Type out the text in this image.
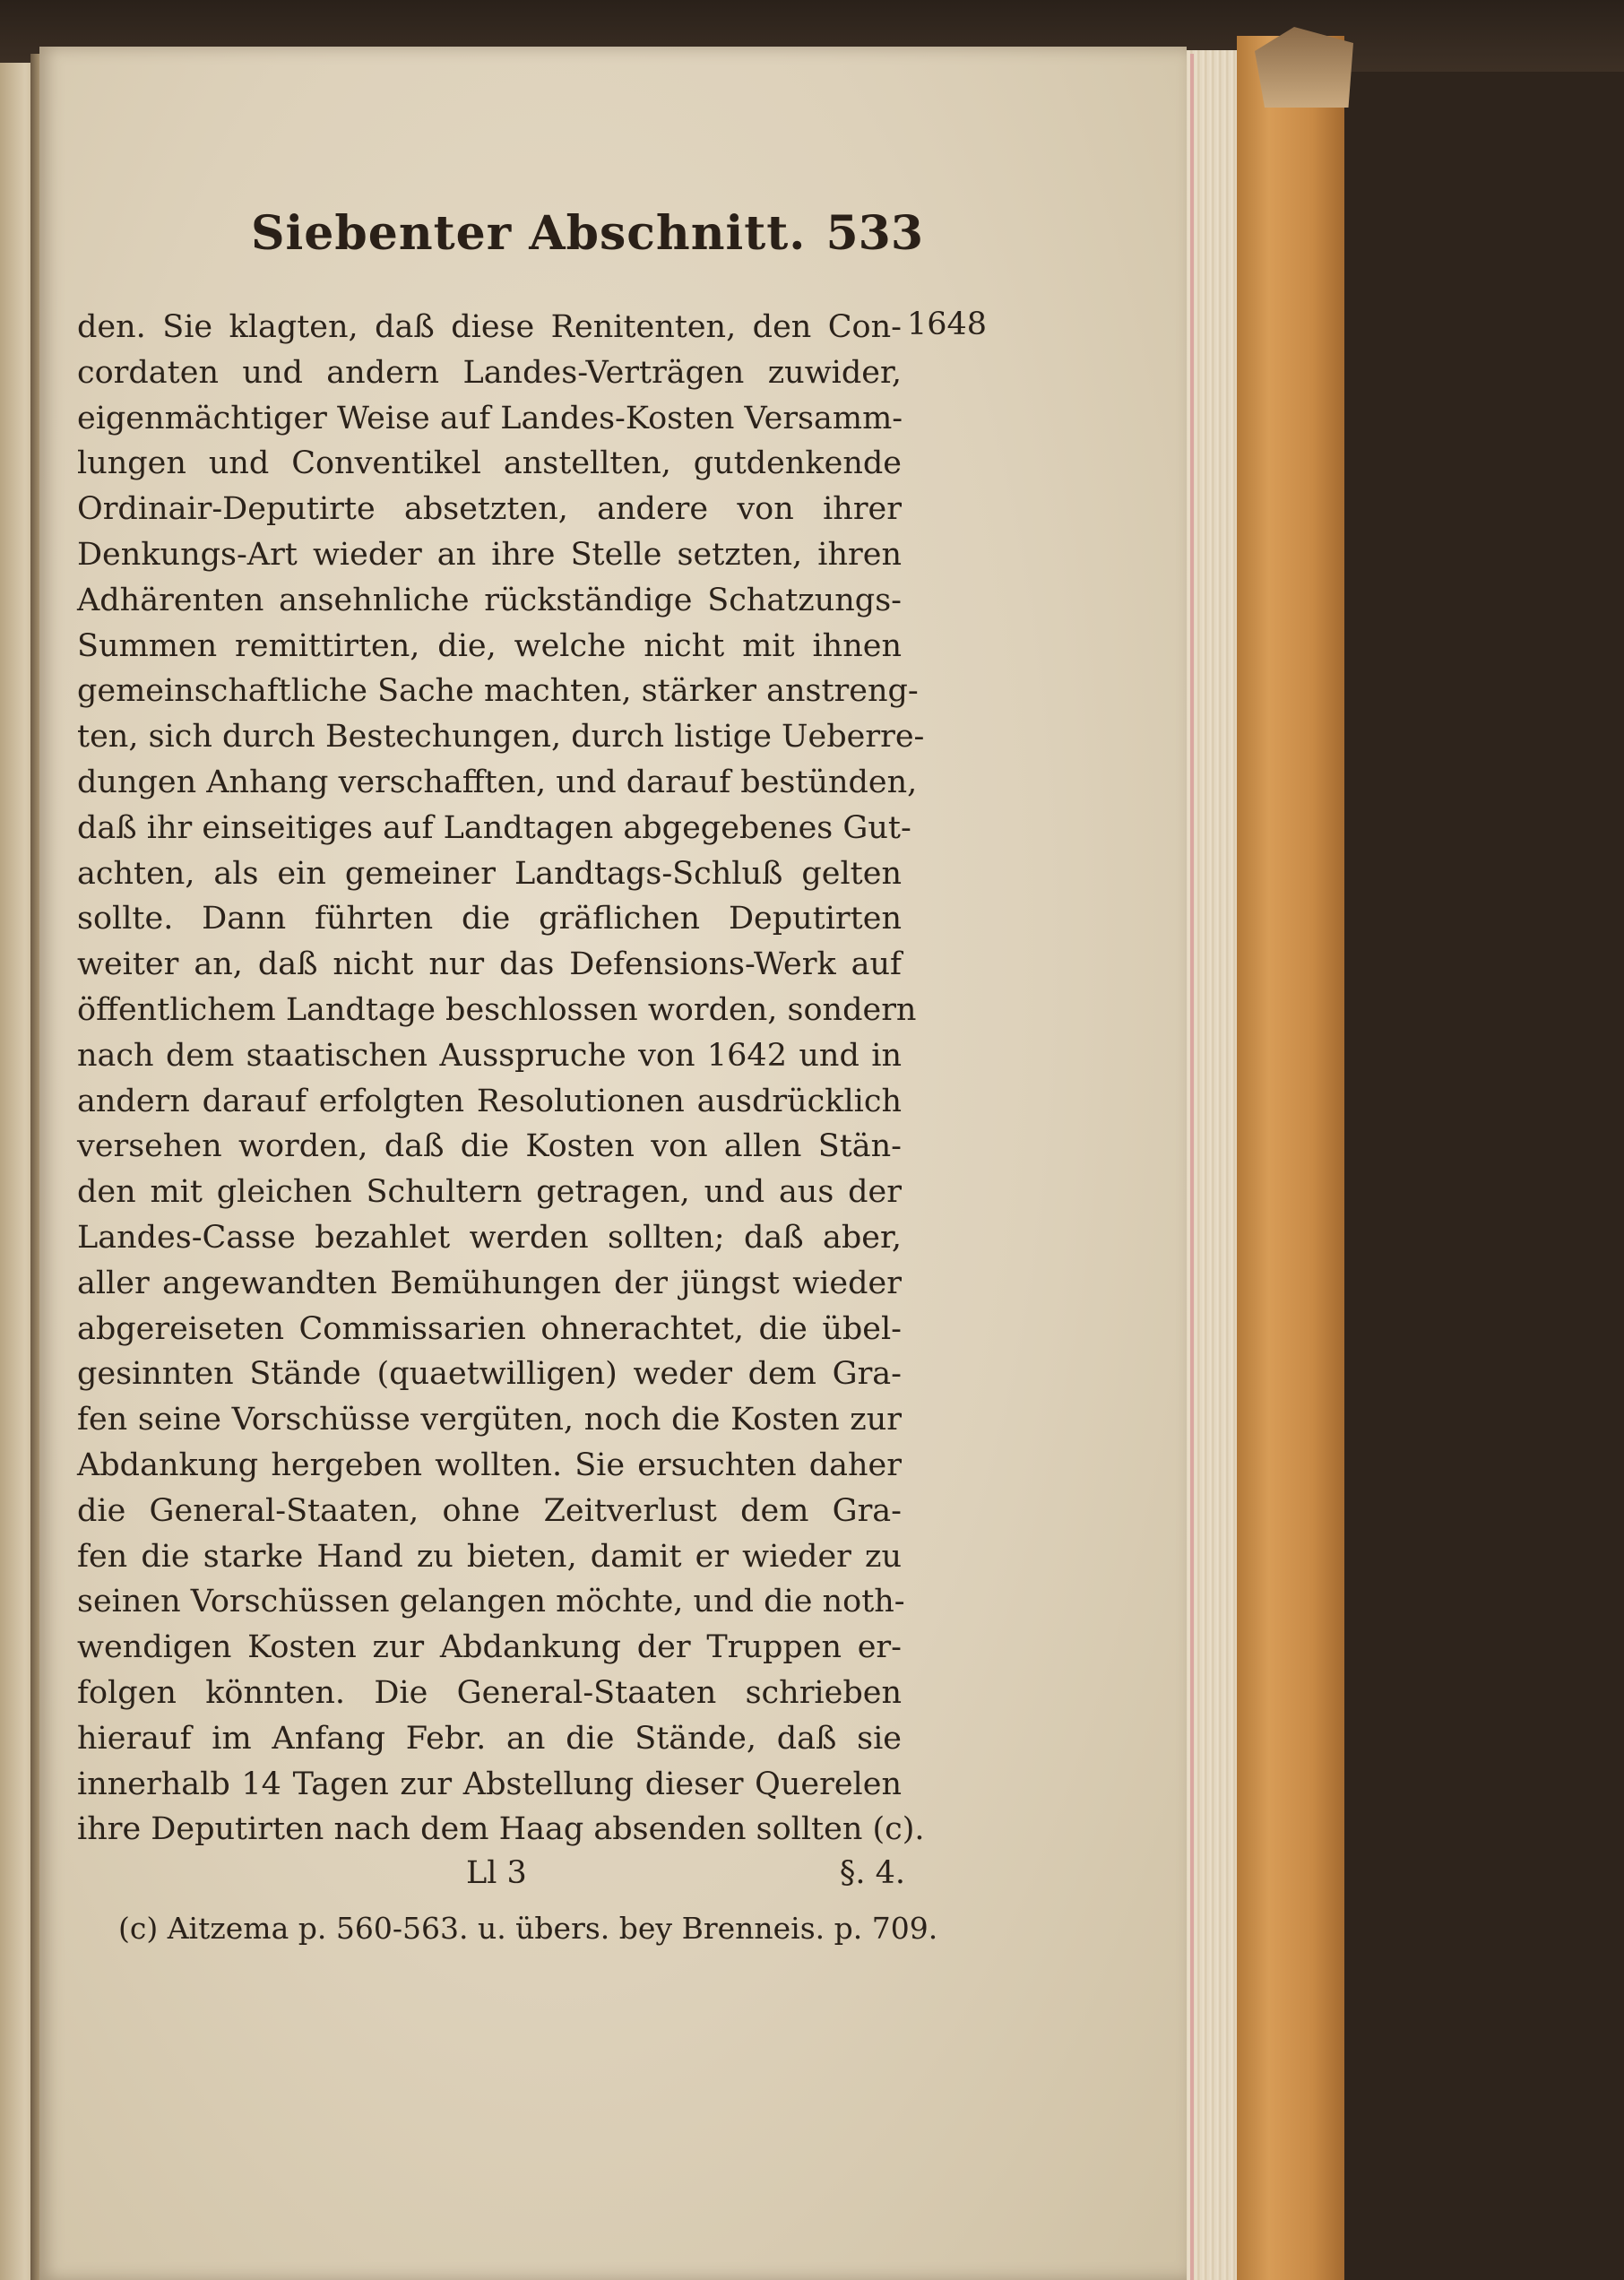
Siebenter Abschnitt. 533
1648
den. Sie klagten, daß diese Renitenten, den Con-
cordaten und andern Landes-Verträgen zuwider,
eigenmächtiger Weise auf Landes-Kosten Versamm-
lungen und Conventikel anstellten, gutdenkende
Ordinair-Deputirte absetzten, andere von ihrer
Denkungs-Art wieder an ihre Stelle setzten, ihren
Adhärenten ansehnliche rückständige Schatzungs-
Summen remittirten, die, welche nicht mit ihnen
gemeinschaftliche Sache machten, stärker anstreng-
ten, sich durch Bestechungen, durch listige Ueberre-
dungen Anhang verschafften, und darauf bestünden,
daß ihr einseitiges auf Landtagen abgegebenes Gut-
achten, als ein gemeiner Landtags-Schluß gelten
sollte. Dann führten die gräflichen Deputirten
weiter an, daß nicht nur das Defensions-Werk auf
öffentlichem Landtage beschlossen worden, sondern
nach dem staatischen Ausspruche von 1642 und in
andern darauf erfolgten Resolutionen ausdrücklich
versehen worden, daß die Kosten von allen Stän-
den mit gleichen Schultern getragen, und aus der
Landes-Casse bezahlet werden sollten; daß aber,
aller angewandten Bemühungen der jüngst wieder
abgereiseten Commissarien ohnerachtet, die übel-
gesinnten Stände (quaetwilligen) weder dem Gra-
fen seine Vorschüsse vergüten, noch die Kosten zur
Abdankung hergeben wollten. Sie ersuchten daher
die General-Staaten, ohne Zeitverlust dem Gra-
fen die starke Hand zu bieten, damit er wieder zu
seinen Vorschüssen gelangen möchte, und die noth-
wendigen Kosten zur Abdankung der Truppen er-
folgen könnten. Die General-Staaten schrieben
hierauf im Anfang Febr. an die Stände, daß sie
innerhalb 14 Tagen zur Abstellung dieser Querelen
ihre Deputirten nach dem Haag absenden sollten (c).
Ll 3	§. 4.
(c) Aitzema p. 560-563. u. übers. bey Brenneis. p. 709.
